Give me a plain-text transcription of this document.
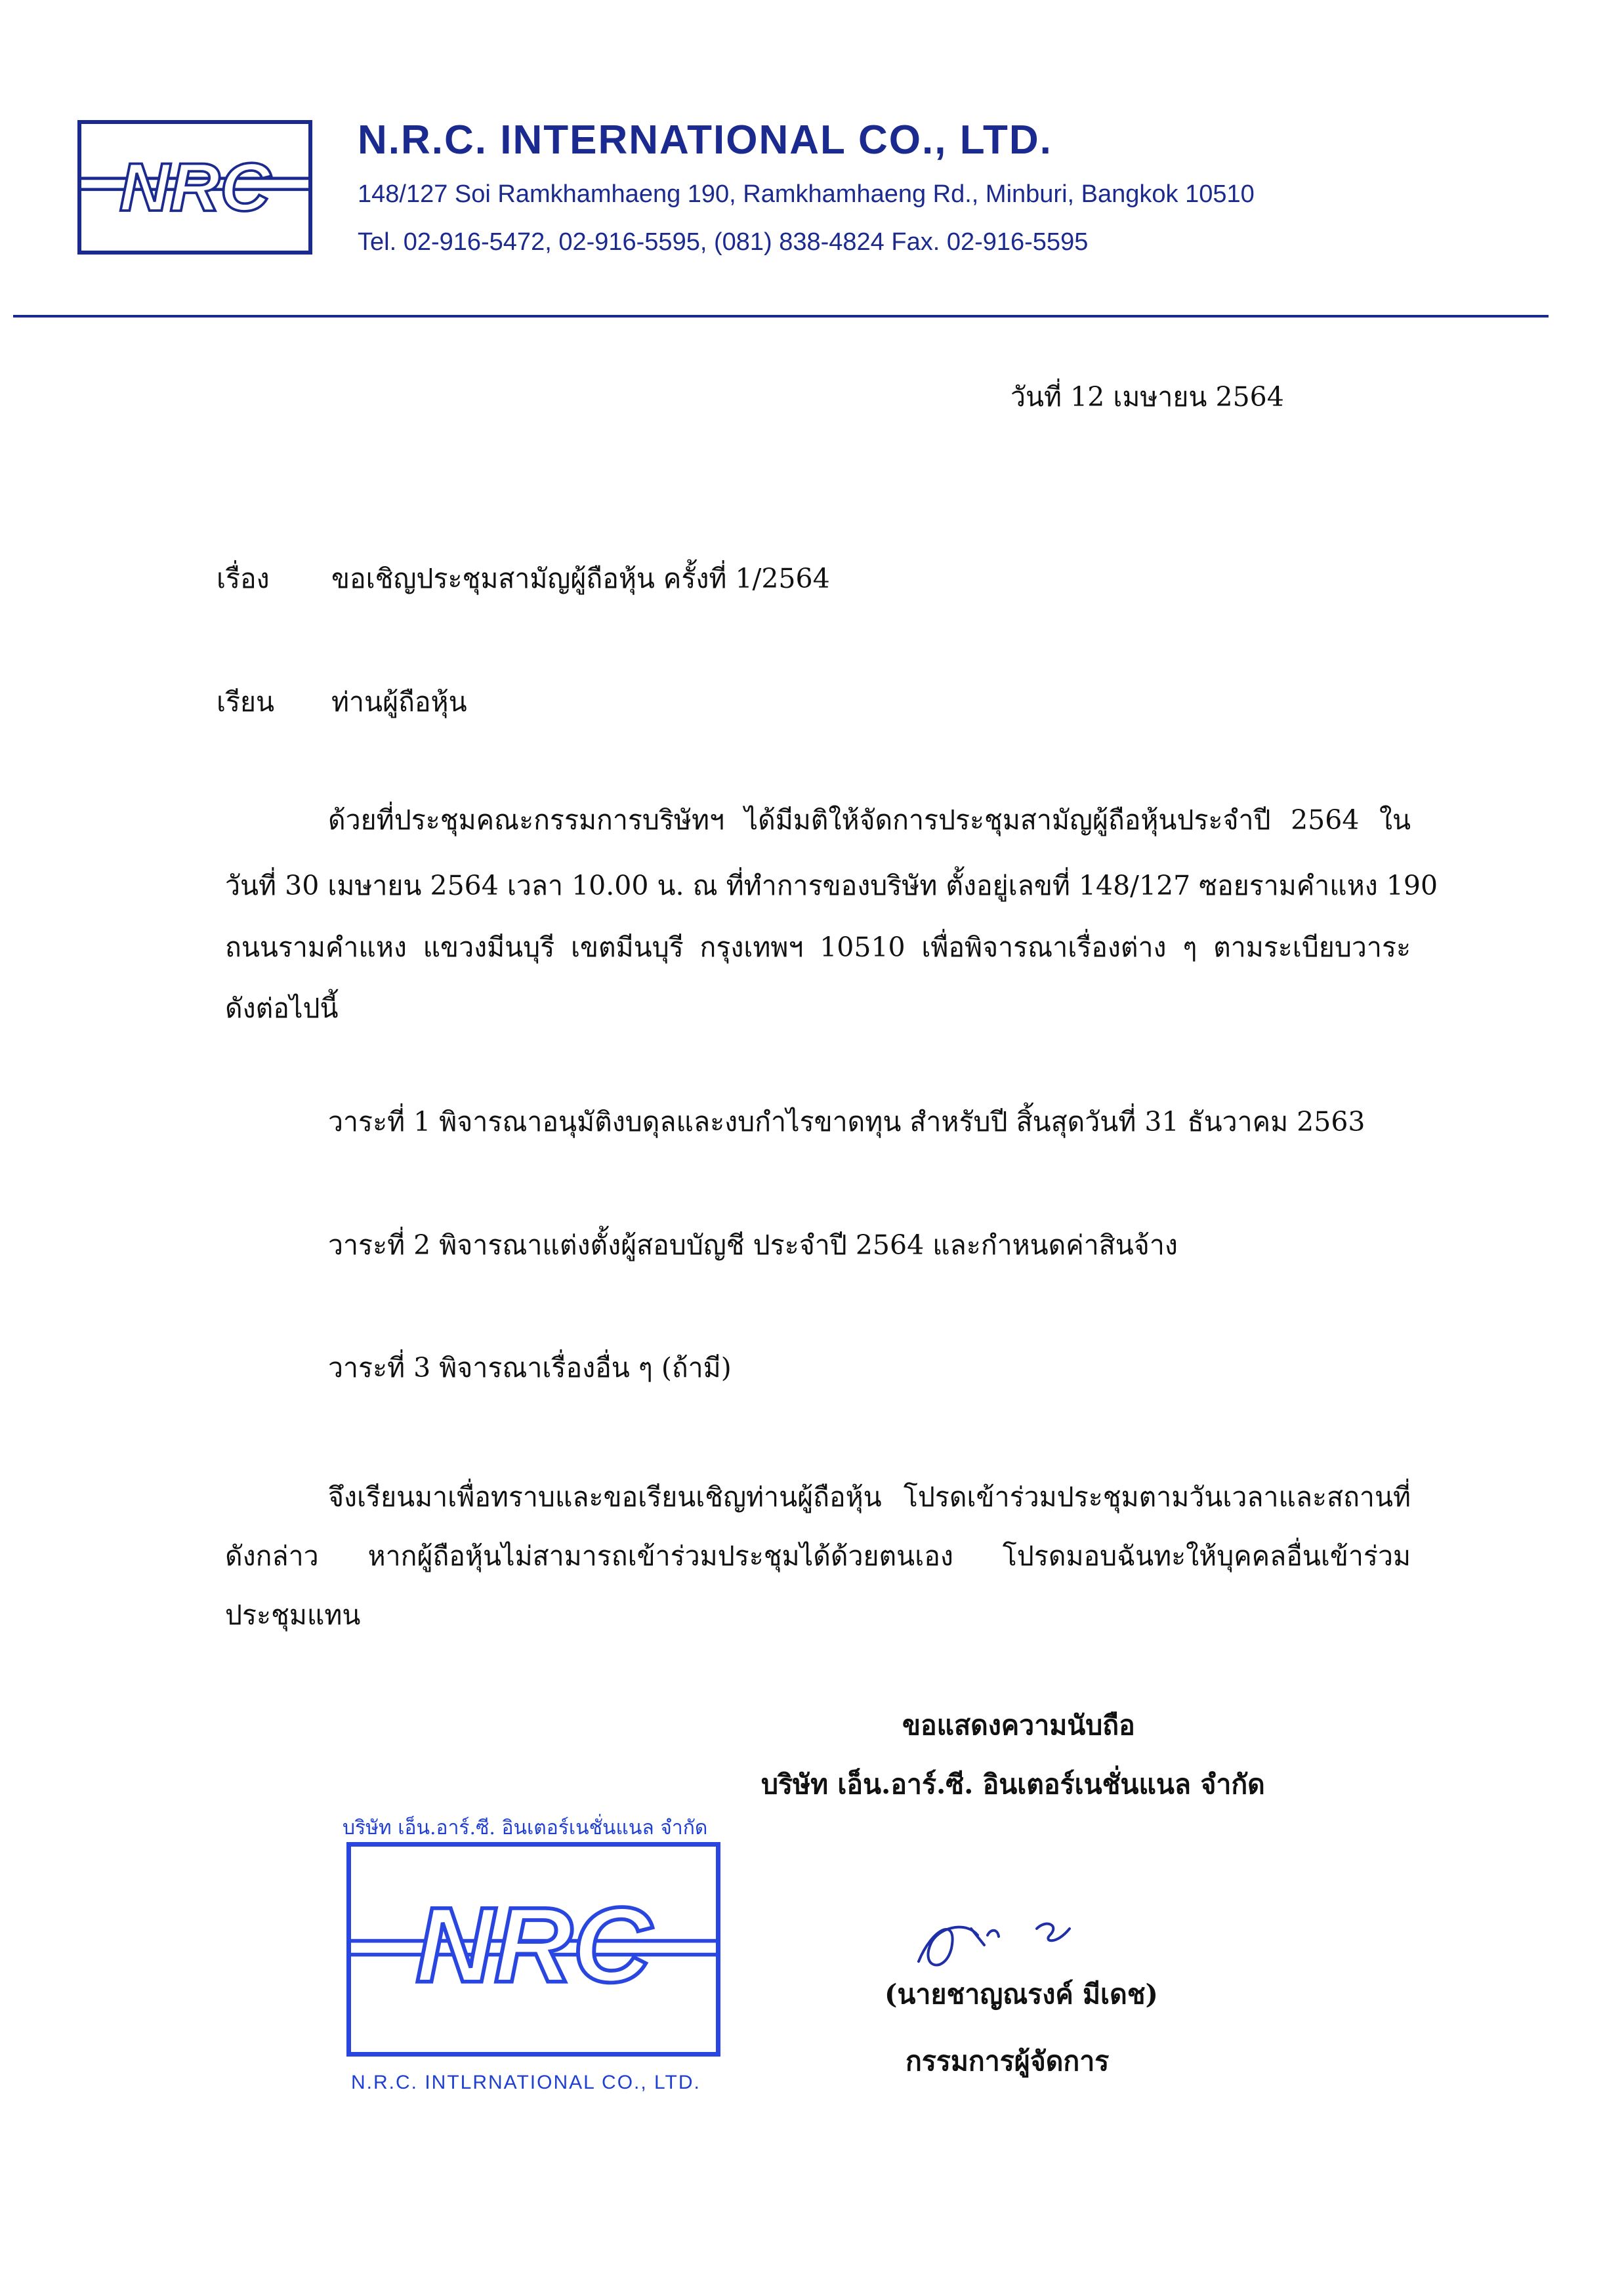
NRC
N.R.C. INTERNATIONAL CO., LTD.
148/127 Soi Ramkhamhaeng 190, Ramkhamhaeng Rd., Minburi, Bangkok 10510
Tel. 02-916-5472, 02-916-5595, (081) 838-4824 Fax. 02-916-5595
วันที่ 12 เมษายน 2564
เรื่อง ขอเชิญประชุมสามัญผู้ถือหุ้น ครั้งที่ 1/2564
เรียน ท่านผู้ถือหุ้น
ด้วยที่ประชุมคณะกรรมการบริษัทฯ ได้มีมติให้จัดการประชุมสามัญผู้ถือหุ้นประจำปี 2564 ใน
วันที่ 30 เมษายน 2564 เวลา 10.00 น. ณ ที่ทำการของบริษัท ตั้งอยู่เลขที่ 148/127 ซอยรามคำแหง 190
ถนนรามคำแหง แขวงมีนบุรี เขตมีนบุรี กรุงเทพฯ 10510 เพื่อพิจารณาเรื่องต่าง ๆ ตามระเบียบวาระ
ดังต่อไปนี้
วาระที่ 1 พิจารณาอนุมัติงบดุลและงบกำไรขาดทุน สำหรับปี สิ้นสุดวันที่ 31 ธันวาคม 2563
วาระที่ 2 พิจารณาแต่งตั้งผู้สอบบัญชี ประจำปี 2564 และกำหนดค่าสินจ้าง
วาระที่ 3 พิจารณาเรื่องอื่น ๆ (ถ้ามี)
จึงเรียนมาเพื่อทราบและขอเรียนเชิญท่านผู้ถือหุ้น โปรดเข้าร่วมประชุมตามวันเวลาและสถานที่
ดังกล่าว หากผู้ถือหุ้นไม่สามารถเข้าร่วมประชุมได้ด้วยตนเอง โปรดมอบฉันทะให้บุคคลอื่นเข้าร่วม
ประชุมแทน
ขอแสดงความนับถือ
บริษัท เอ็น.อาร์.ซี. อินเตอร์เนชั่นแนล จำกัด
(นายชาญณรงค์ มีเดช)
กรรมการผู้จัดการ
บริษัท เอ็น.อาร์.ซี. อินเตอร์เนชั่นแนล จำกัด
NRC
N.R.C. INTLRNATIONAL CO., LTD.
